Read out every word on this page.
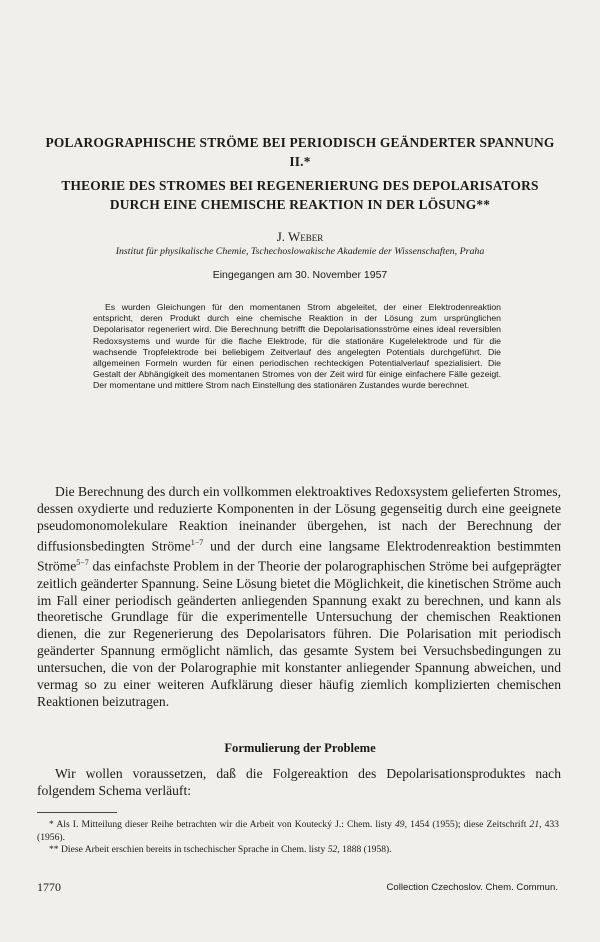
POLAROGRAPHISCHE STRÖME BEI PERIODISCH GEÄNDERTER SPANNUNG II.*
THEORIE DES STROMES BEI REGENERIERUNG DES DEPOLARISATORS DURCH EINE CHEMISCHE REAKTION IN DER LÖSUNG**

J. Weber

Institut für physikalische Chemie, Tschechoslowakische Akademie der Wissenschaften, Praha

Eingegangen am 30. November 1957

Es wurden Gleichungen für den momentanen Strom abgeleitet, der einer Elektrodenreaktion entspricht, deren Produkt durch eine chemische Reaktion in der Lösung zum ursprünglichen Depolarisator regeneriert wird. Die Berechnung betrifft die Depolarisationsströme eines ideal reversiblen Redoxsystems und wurde für die flache Elektrode, für die stationäre Kugelelektrode und für die wachsende Tropfelektrode bei beliebigem Zeitverlauf des angelegten Potentials durchgeführt. Die allgemeinen Formeln wurden für einen periodischen rechteckigen Potentialverlauf spezialisiert. Die Gestalt der Abhängigkeit des momentanen Stromes von der Zeit wird für einige einfachere Fälle gezeigt. Der momentane und mittlere Strom nach Einstellung des stationären Zustandes wurde berechnet.

Die Berechnung des durch ein vollkommen elektroaktives Redoxsystem gelieferten Stromes, dessen oxydierte und reduzierte Komponenten in der Lösung gegenseitig durch eine geeignete pseudomonomolekulare Reaktion ineinander übergehen, ist nach der Berechnung der diffusionsbedingten Ströme$^{1-7}$ und der durch eine langsame Elektrodenreaktion bestimmten Ströme$^{5-7}$ das einfachste Problem in der Theorie der polarographischen Ströme bei aufgeprägter zeitlich geänderter Spannung. Seine Lösung bietet die Möglichkeit, die kinetischen Ströme auch im Fall einer periodisch geänderten anliegenden Spannung exakt zu berechnen, und kann als theoretische Grundlage für die experimentelle Untersuchung der chemischen Reaktionen dienen, die zur Regenerierung des Depolarisators führen. Die Polarisation mit periodisch geänderter Spannung ermöglicht nämlich, das gesamte System bei Versuchsbedingungen zu untersuchen, die von der Polarographie mit konstanter anliegender Spannung abweichen, und vermag so zu einer weiteren Aufklärung dieser häufig ziemlich komplizierten chemischen Reaktionen beizutragen.

Formulierung der Probleme

Wir wollen voraussetzen, daß die Folgereaktion des Depolarisationsproduktes nach folgendem Schema verläuft:

* Als I. Mitteilung dieser Reihe betrachten wir die Arbeit von Koutecký J.: Chem. listy 49, 1454 (1955); diese Zeitschrift 21, 433 (1956).

** Diese Arbeit erschien bereits in tschechischer Sprache in Chem. listy 52, 1888 (1958).

1770	Collection Czechoslov. Chem. Commun.
